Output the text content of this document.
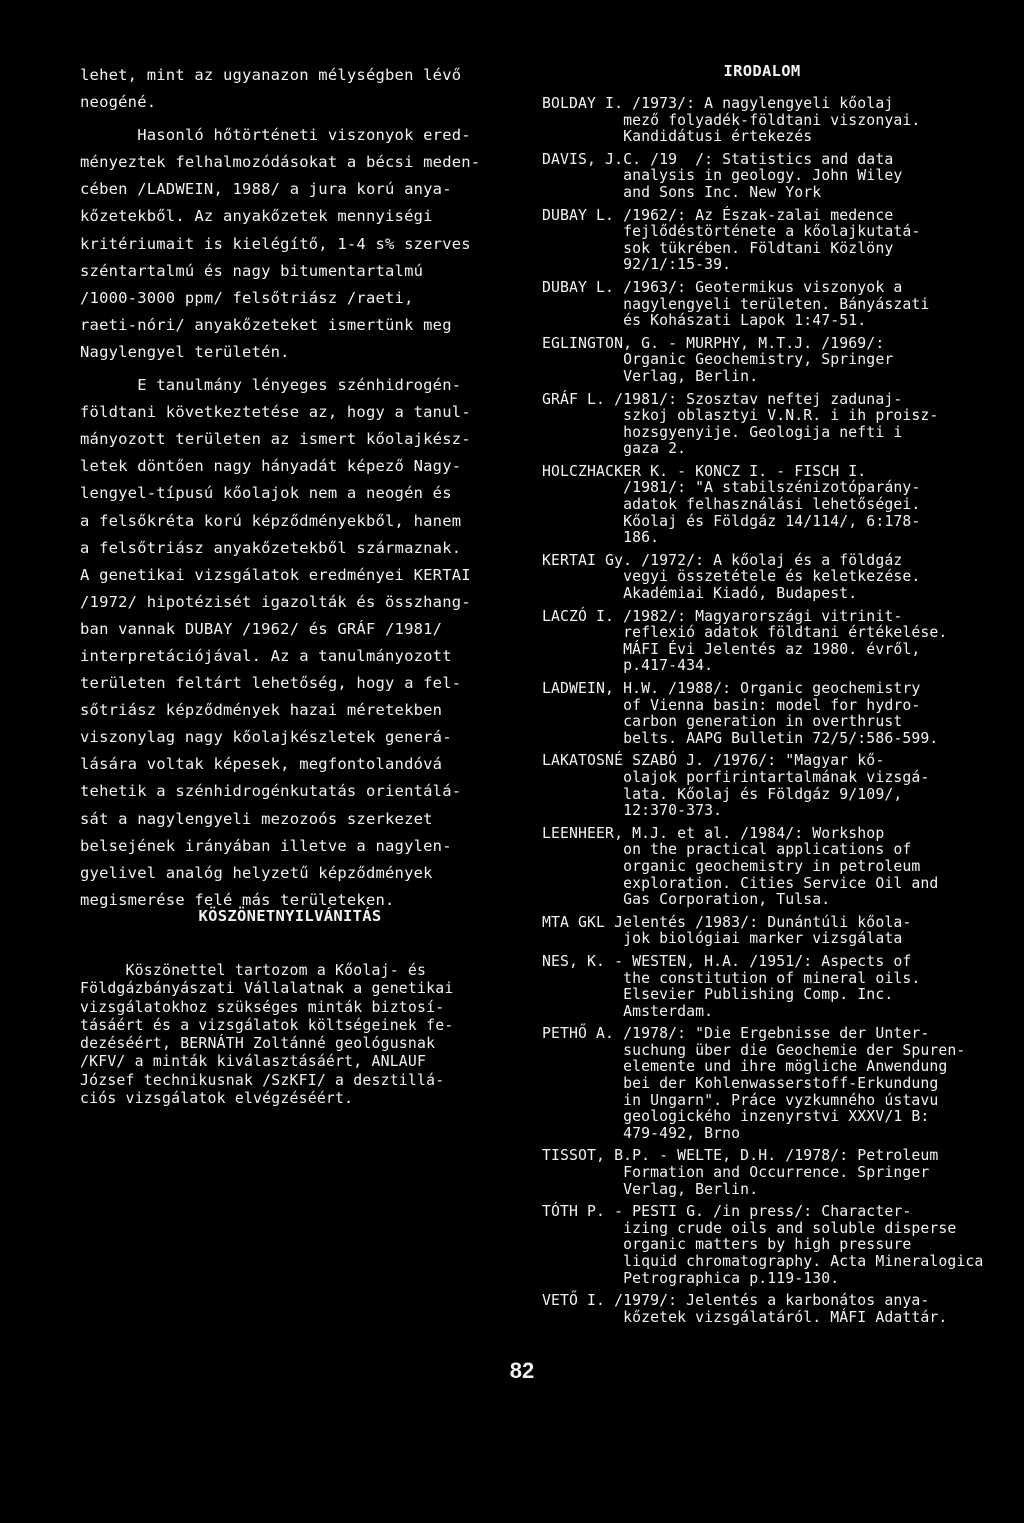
lehet, mint az ugyanazon mélységben lévő
neogéné.

Hasonló hőtörténeti viszonyok ered-
ményeztek felhalmozódásokat a bécsi meden-
cében /LADWEIN, 1988/ a jura korú anya-
kőzetekből. Az anyakőzetek mennyiségi
kritériumait is kielégítő, 1-4 s% szerves
széntartalmú és nagy bitumentartalmú
/1000-3000 ppm/ felsőtriász /raeti,
raeti-nóri/ anyakőzeteket ismertünk meg
Nagylengyel területén.

E tanulmány lényeges szénhidrogén-
földtani következtetése az, hogy a tanul-
mányozott területen az ismert kőolajkész-
letek döntően nagy hányadát képező Nagy-
lengyel-típusú kőolajok nem a neogén és
a felsőkréta korú képződményekből, hanem
a felsőtriász anyakőzetekből származnak.
A genetikai vizsgálatok eredményei KERTAI
/1972/ hipotézisét igazolták és összhang-
ban vannak DUBAY /1962/ és GRÁF /1981/
interpretációjával. Az a tanulmányozott
területen feltárt lehetőség, hogy a fel-
sőtriász képződmények hazai méretekben
viszonylag nagy kőolajkészletek generá-
lására voltak képesek, megfontolandóvá
tehetik a szénhidrogénkutatás orientálá-
sát a nagylengyeli mezozoós szerkezet
belsejének irányában illetve a nagylen-
gyelivel analóg helyzetű képződmények
megismerése felé más területeken.

KÖSZÖNETNYILVÁNITÁS
Köszönettel tartozom a Kőolaj- és
Földgázbányászati Vállalatnak a genetikai
vizsgálatokhoz szükséges minták biztosí-
tásáért és a vizsgálatok költségeinek fe-
dezéséért, BERNÁTH Zoltánné geológusnak
/KFV/ a minták kiválasztásáért, ANLAUF
József technikusnak /SzKFI/ a desztillá-
ciós vizsgálatok elvégzéséért.
IRODALOM

BOLDAY I. /1973/: A nagylengyeli kőolaj
mező folyadék-földtani viszonyai.
Kandidátusi értekezés

DAVIS, J.C. /19  /: Statistics and data
analysis in geology. John Wiley
and Sons Inc. New York

DUBAY L. /1962/: Az Észak-zalai medence
fejlődéstörténete a kőolajkutatá-
sok tükrében. Földtani Közlöny
92/1/:15-39.

DUBAY L. /1963/: Geotermikus viszonyok a
nagylengyeli területen. Bányászati
és Kohászati Lapok 1:47-51.

EGLINGTON, G. - MURPHY, M.T.J. /1969/:
Organic Geochemistry, Springer
Verlag, Berlin.

GRÁF L. /1981/: Szosztav neftej zadunaj-
szkoj oblasztyi V.N.R. i ih proisz-
hozsgyenyije. Geologija nefti i
gaza 2.

HOLCZHACKER K. - KONCZ I. - FISCH I.
/1981/: "A stabilszénizotóparány-
adatok felhasználási lehetőségei.
Kőolaj és Földgáz 14/114/, 6:178-
186.

KERTAI Gy. /1972/: A kőolaj és a földgáz
vegyi összetétele és keletkezése.
Akadémiai Kiadó, Budapest.

LACZÓ I. /1982/: Magyarországi vitrinit-
reflexió adatok földtani értékelése.
MÁFI Évi Jelentés az 1980. évről,
p.417-434.

LADWEIN, H.W. /1988/: Organic geochemistry
of Vienna basin: model for hydro-
carbon generation in overthrust
belts. AAPG Bulletin 72/5/:586-599.

LAKATOSNÉ SZABÓ J. /1976/: "Magyar kő-
olajok porfirintartalmának vizsgá-
lata. Kőolaj és Földgáz 9/109/,
12:370-373.

LEENHEER, M.J. et al. /1984/: Workshop
on the practical applications of
organic geochemistry in petroleum
exploration. Cities Service Oil and
Gas Corporation, Tulsa.

MTA GKL Jelentés /1983/: Dunántúli kőola-
jok biológiai marker vizsgálata

NES, K. - WESTEN, H.A. /1951/: Aspects of
the constitution of mineral oils.
Elsevier Publishing Comp. Inc.
Amsterdam.

PETHŐ A. /1978/: "Die Ergebnisse der Unter-
suchung über die Geochemie der Spuren-
elemente und ihre mögliche Anwendung
bei der Kohlenwasserstoff-Erkundung
in Ungarn". Práce vyzkumného ústavu
geologického inzenyrstvi XXXV/1 B:
479-492, Brno

TISSOT, B.P. - WELTE, D.H. /1978/: Petroleum
Formation and Occurrence. Springer
Verlag, Berlin.

TÓTH P. - PESTI G. /in press/: Character-
izing crude oils and soluble disperse
organic matters by high pressure
liquid chromatography. Acta Mineralogica
Petrographica p.119-130.

VETŐ I. /1979/: Jelentés a karbonátos anya-
kőzetek vizsgálatáról. MÁFI Adattár.

82
